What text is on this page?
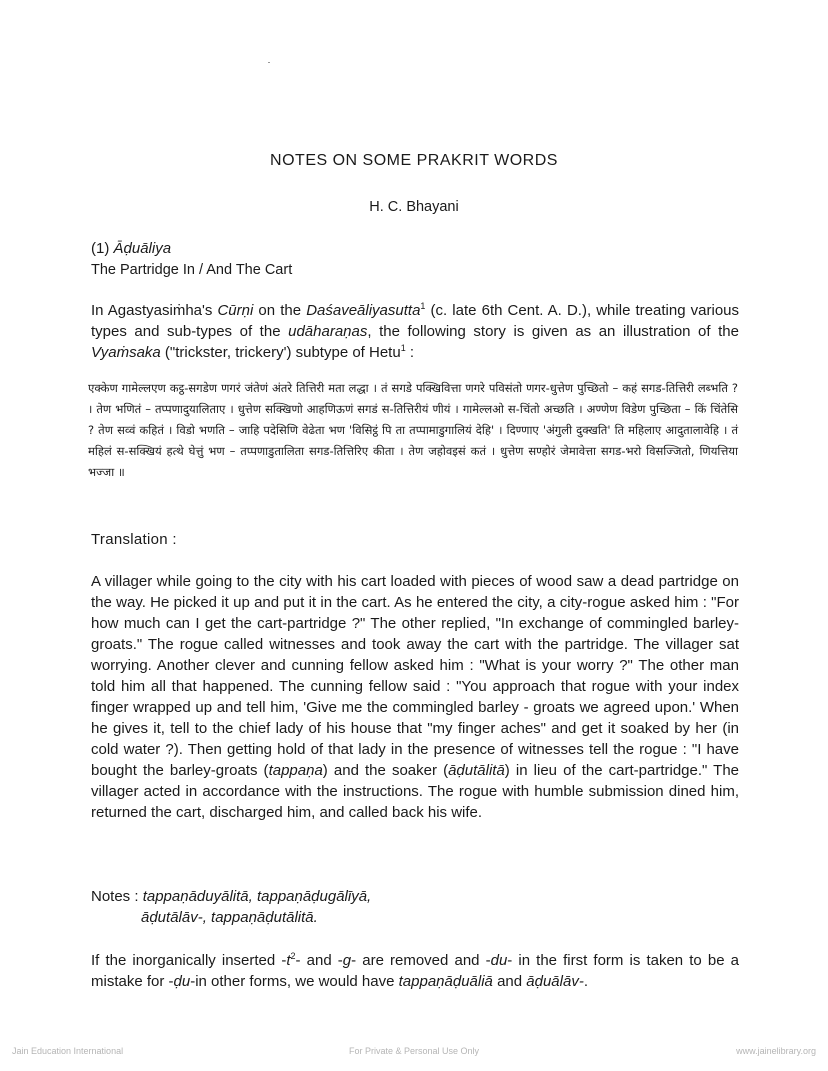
NOTES ON SOME PRAKRIT WORDS
H. C. Bhayani
(1) Āḍuāliya
The Partridge In / And The Cart
In Agastyasiṁha's Cūrṇi on the Daśaveāliyasutta$^1$ (c. late 6th Cent. A. D.), while treating various types and sub-types of the udāharaṇas, the following story is given as an illustration of the Vyaṁsaka ("trickster, trickery') subtype of Hetu$^1$ :
एक्केण गामेल्लएण कट्ठ-सगडेण णगरं जंतेणं अंतरे तित्तिरी मता लद्धा । तं सगडे पक्खिवित्ता णगरे पविसंतो णगर-धुत्तेण पुच्छितो – कहं सगड-तित्तिरी लब्भति ? । तेण भणितं – तप्पणादुयालिताए । धुत्तेण सक्खिणो आहणिऊणं सगडं स-तित्तिरीयं णीयं । गामेल्लओ स-चिंतो अच्छति । अण्णेण विडेण पुच्छिता – किं चिंतेसि ? तेण सव्वं कहितं । विडो भणति – जाहि पदेसिणि वेढेता भण 'विसिट्ठं पि ता तप्पामाडुगालियं देहि' । दिण्णाए 'अंगुली दुक्खति' ति महिलाए आदुतालावेहि । तं महिलं स-सक्खियं हत्थे घेत्तुं भण – तप्पणाडुतालिता सगड-तित्तिरिए कीता । तेण जहोवइसं कतं । धुत्तेण सण्होरं जेमावेत्ता सगड-भरो विसज्जितो, णियत्तिया भज्जा ॥
Translation :
A villager while going to the city with his cart loaded with pieces of wood saw a dead partridge on the way. He picked it up and put it in the cart. As he entered the city, a city-rogue asked him : "For how much can I get the cart-partridge ?" The other replied, "In exchange of commingled barley-groats." The rogue called witnesses and took away the cart with the partridge. The villager sat worrying. Another clever and cunning fellow asked him : "What is your worry ?" The other man told him all that happened. The cunning fellow said : "You approach that rogue with your index finger wrapped up and tell him, 'Give me the commingled barley - groats we agreed upon.' When he gives it, tell to the chief lady of his house that "my finger aches" and get it soaked by her (in cold water ?). Then getting hold of that lady in the presence of witnesses tell the rogue : "I have bought the barley-groats (tappaṇa) and the soaker (āḍutālitā) in lieu of the cart-partridge." The villager acted in accordance with the instructions. The rogue with humble submission dined him, returned the cart, discharged him, and called back his wife.
Notes : tappaṇāduyālitā, tappaṇāḍugālīyā,
āḍutālāv-, tappaṇāḍutālitā.
If the inorganically inserted $-t^2-$ and -g- are removed and -du- in the first form is taken to be a mistake for -ḍu-in other forms, we would have tappaṇāḍuāliā and āḍuālāv-.
Jain Education International	For Private & Personal Use Only	www.jainelibrary.org
